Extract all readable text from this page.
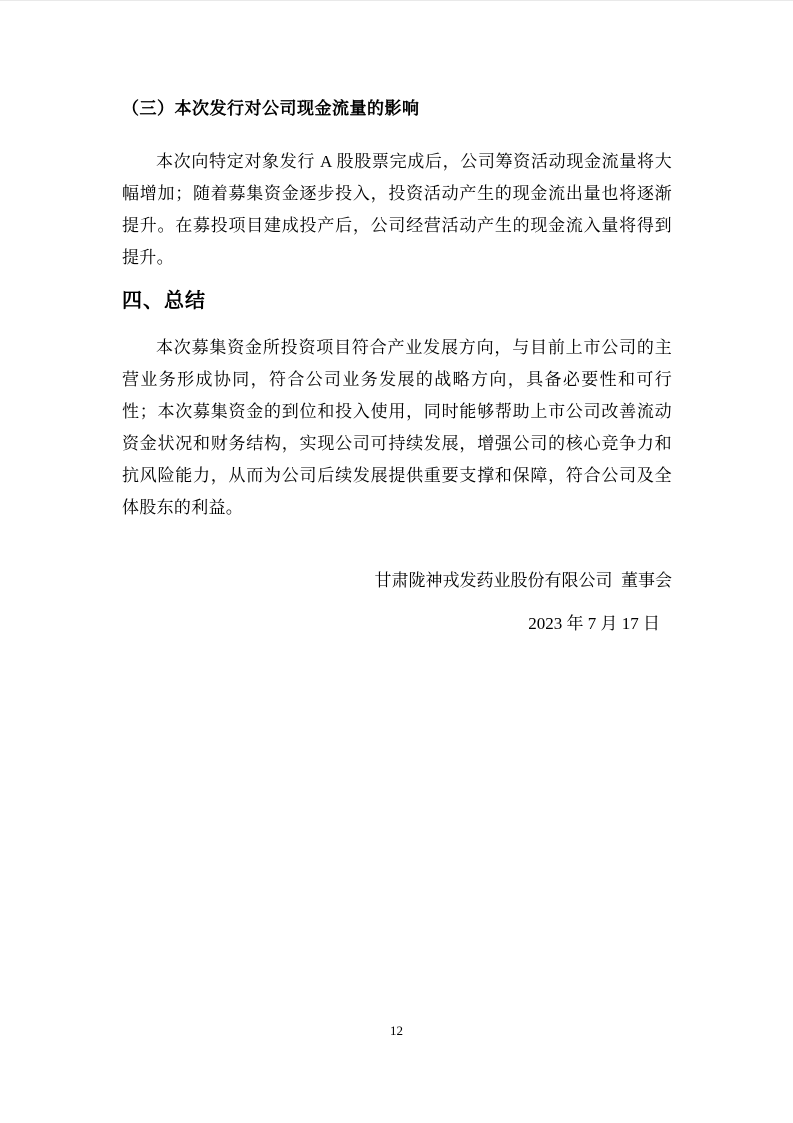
（三）本次发行对公司现金流量的影响

本次向特定对象发行 A 股股票完成后，公司筹资活动现金流量将大幅增加；随着募集资金逐步投入，投资活动产生的现金流出量也将逐渐提升。在募投项目建成投产后，公司经营活动产生的现金流入量将得到提升。

四、总结

本次募集资金所投资项目符合产业发展方向，与目前上市公司的主营业务形成协同，符合公司业务发展的战略方向，具备必要性和可行性；本次募集资金的到位和投入使用，同时能够帮助上市公司改善流动资金状况和财务结构，实现公司可持续发展，增强公司的核心竞争力和抗风险能力，从而为公司后续发展提供重要支撑和保障，符合公司及全体股东的利益。

甘肃陇神戎发药业股份有限公司  董事会
2023 年 7 月 17 日
12
